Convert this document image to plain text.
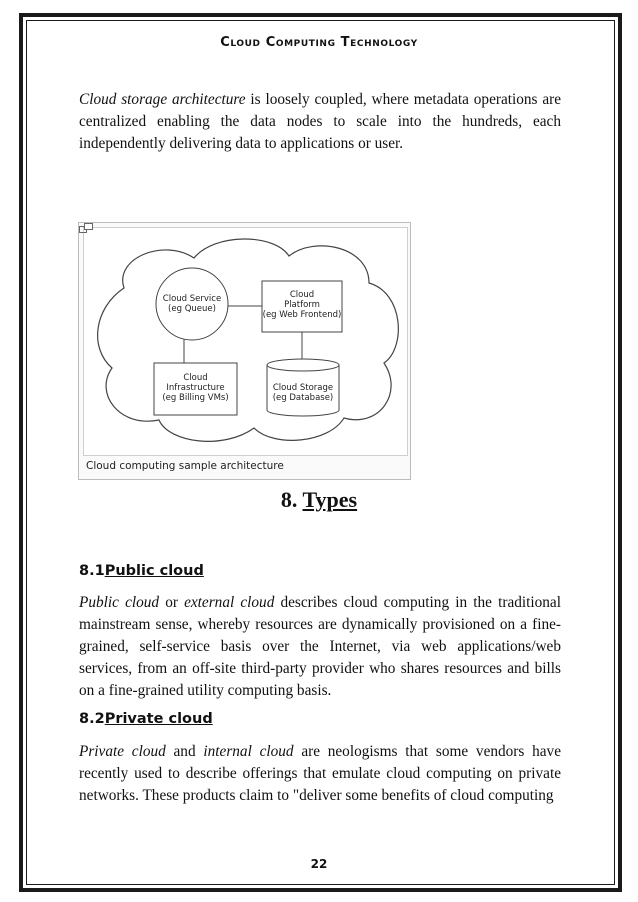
Cloud Computing Technology

Cloud storage architecture is loosely coupled, where metadata operations are centralized enabling the data nodes to scale into the hundreds, each independently delivering data to applications or user.

Cloud Service
(eg Queue)
Cloud
Platform
(eg Web Frontend)
Cloud
Infrastructure
(eg Billing VMs)
Cloud Storage
(eg Database)
Cloud computing sample architecture
8. Types
8.1Public cloud

Public cloud or external cloud describes cloud computing in the traditional mainstream sense, whereby resources are dynamically provisioned on a fine-grained, self-service basis over the Internet, via web applications/web services, from an off-site third-party provider who shares resources and bills on a fine-grained utility computing basis.

8.2Private cloud

Private cloud and internal cloud are neologisms that some vendors have recently used to describe offerings that emulate cloud computing on private networks. These products claim to "deliver some benefits of cloud computing

22
